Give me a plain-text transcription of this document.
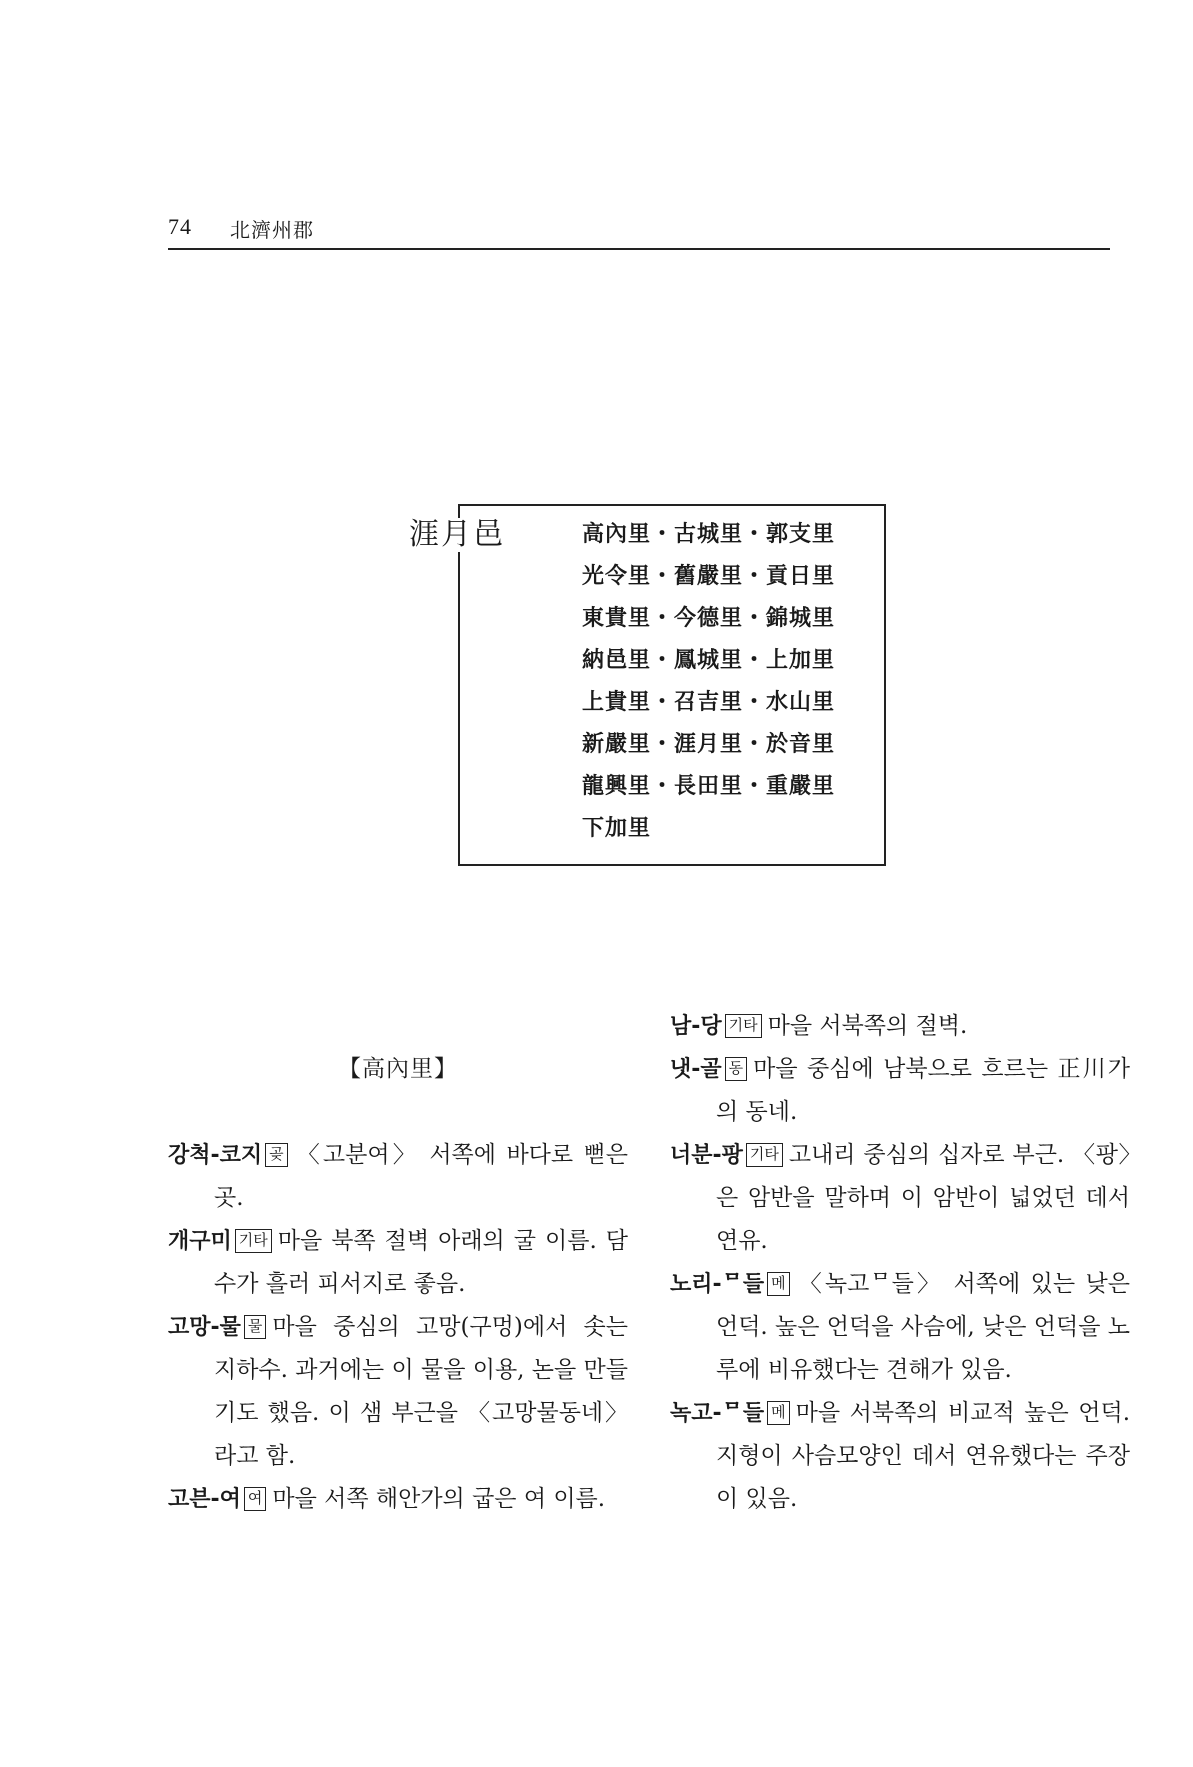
74 北濟州郡
涯月邑	高內里・古城里・郭支里
光令里・舊嚴里・貢日里
東貴里・今德里・錦城里
納邑里・鳳城里・上加里
上貴里・召吉里・水山里
新嚴里・涯月里・於音里
龍興里・長田里・重嚴里
下加里
【高內里】

강척-코지 곶 〈고분여〉 서쪽에 바다로 뻗은 곳.

개구미 기타 마을 북쪽 절벽 아래의 굴 이름. 담수가 흘러 피서지로 좋음.

고망-물 물 마을 중심의 고망(구멍)에서 솟는 지하수. 과거에는 이 물을 이용, 논을 만들기도 했음. 이 샘 부근을 〈고망물동네〉라고 함.

고븐-여 여 마을 서쪽 해안가의 굽은 여 이름.

남-당 기타 마을 서북쪽의 절벽.

냇-골 동 마을 중심에 남북으로 흐르는 正川가의 동네.

너분-팡 기타 고내리 중심의 십자로 부근. 〈팡〉은 암반을 말하며 이 암반이 넓었던 데서 연유.

노리-ᄆ들 메 〈녹고ᄆ들〉 서쪽에 있는 낮은 언덕. 높은 언덕을 사슴에, 낮은 언덕을 노루에 비유했다는 견해가 있음.

녹고-ᄆ들 메 마을 서북쪽의 비교적 높은 언덕. 지형이 사슴모양인 데서 연유했다는 주장이 있음.
